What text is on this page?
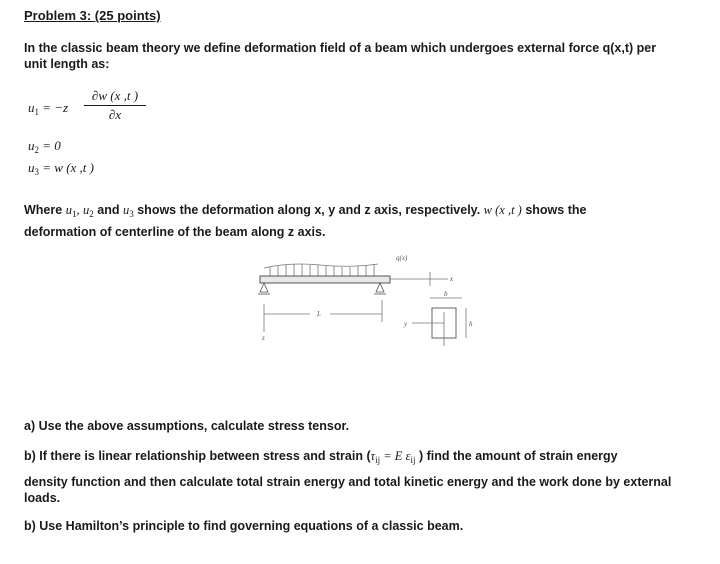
Problem 3: (25 points)
In the classic beam theory we define deformation field of a beam which undergoes external force q(x,t) per
unit length as:
$u_1 = -z$
∂w (x ,t )
∂x
$u_2 = 0$
$u_3 = w$ (x ,t )
Where $u_1$, $u_2$ and $u_3$ shows the deformation along x, y and z axis, respectively. w (x ,t ) shows the
deformation of centerline of the beam along z axis.
q(x)
x
L
z
b
y	h
a) Use the above assumptions, calculate stress tensor.
b) If there is linear relationship between stress and strain ($\tau_{ij} = E$ $\varepsilon_{ij}$ ) find the amount of strain energy
density function and then calculate total strain energy and total kinetic energy and the work done by external
loads.
b) Use Hamilton’s principle to find governing equations of a classic beam.
